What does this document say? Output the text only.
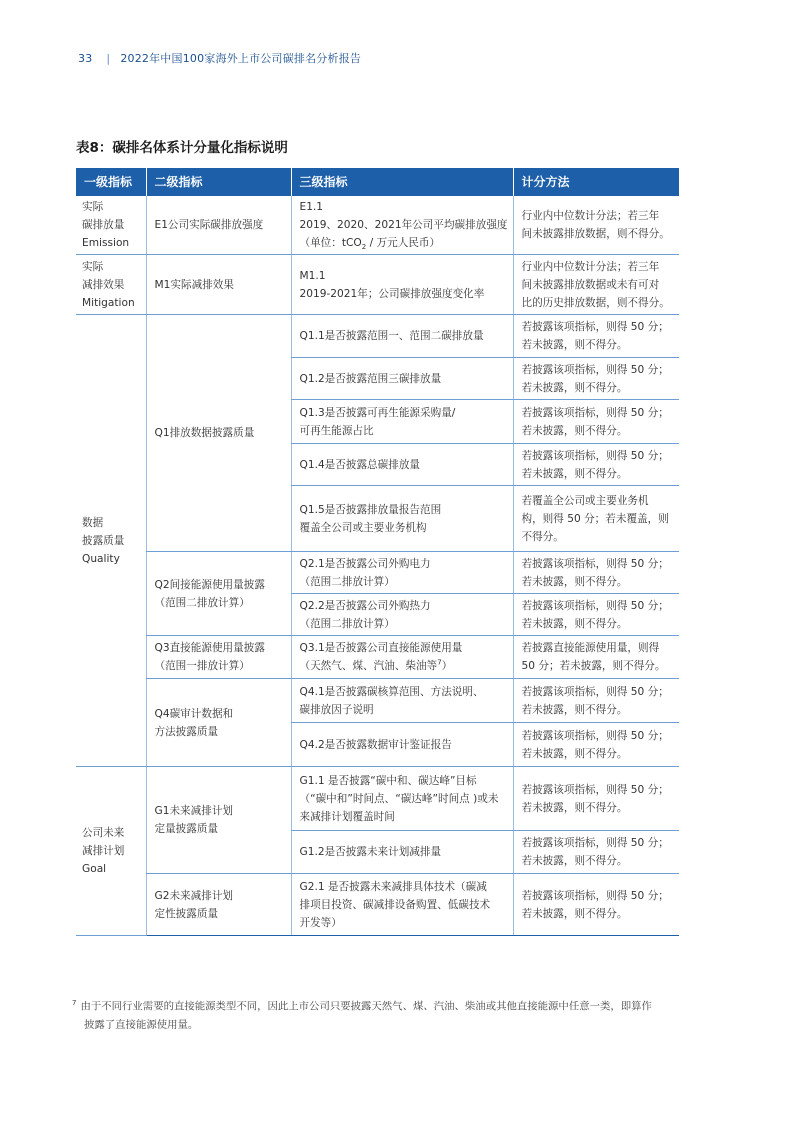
33 | 2022年中国100家海外上市公司碳排名分析报告
表8：碳排名体系计分量化指标说明
一级指标	二级指标	三级指标	计分方法

实际
碳排放量
Emission	E1公司实际碳排放强度	E1.1
2019、2020、2021年公司平均碳排放强度
（单位：tCO$_2$ / 万元人民币）	行业内中位数计分法；若三年
间未披露排放数据，则不得分。

实际
减排效果
Mitigation	M1实际减排效果	M1.1
2019-2021年；公司碳排放强度变化率	行业内中位数计分法；若三年
间未披露排放数据或未有可对
比的历史排放数据，则不得分。

数据
披露质量
Quality	Q1排放数据披露质量	Q1.1是否披露范围一、范围二碳排放量	若披露该项指标，则得 50 分；
若未披露，则不得分。

		Q1.2是否披露范围三碳排放量	若披露该项指标，则得 50 分；
若未披露，则不得分。

		Q1.3是否披露可再生能源采购量/
可再生能源占比	若披露该项指标，则得 50 分；
若未披露，则不得分。

		Q1.4是否披露总碳排放量	若披露该项指标，则得 50 分；
若未披露，则不得分。

		Q1.5是否披露排放量报告范围
覆盖全公司或主要业务机构	若覆盖全公司或主要业务机
构，则得 50 分；若未覆盖，则
不得分。

	Q2间接能源使用量披露
（范围二排放计算）	Q2.1是否披露公司外购电力
（范围二排放计算）	若披露该项指标，则得 50 分；
若未披露，则不得分。

		Q2.2是否披露公司外购热力
（范围二排放计算）	若披露该项指标，则得 50 分；
若未披露，则不得分。

	Q3直接能源使用量披露
（范围一排放计算）	Q3.1是否披露公司直接能源使用量
（天然气、煤、汽油、柴油等$^7$）	若披露直接能源使用量，则得
50 分；若未披露，则不得分。

	Q4碳审计数据和
方法披露质量	Q4.1是否披露碳核算范围、方法说明、
碳排放因子说明	若披露该项指标，则得 50 分；
若未披露，则不得分。

		Q4.2是否披露数据审计鉴证报告	若披露该项指标，则得 50 分；
若未披露，则不得分。

公司未来
减排计划
Goal	G1未来减排计划
定量披露质量	G1.1 是否披露“碳中和、碳达峰”目标
（“碳中和”时间点、“碳达峰”时间点 )或未
来减排计划覆盖时间	若披露该项指标，则得 50 分；
若未披露，则不得分。

		G1.2是否披露未来计划减排量	若披露该项指标，则得 50 分；
若未披露，则不得分。

	G2未来减排计划
定性披露质量	G2.1 是否披露未来减排具体技术（碳减
排项目投资、碳减排设备购置、低碳技术
开发等）	若披露该项指标，则得 50 分；
若未披露，则不得分。
$^7$ 由于不同行业需要的直接能源类型不同，因此上市公司只要披露天然气、煤、汽油、柴油或其他直接能源中任意一类，即算作
披露了直接能源使用量。
